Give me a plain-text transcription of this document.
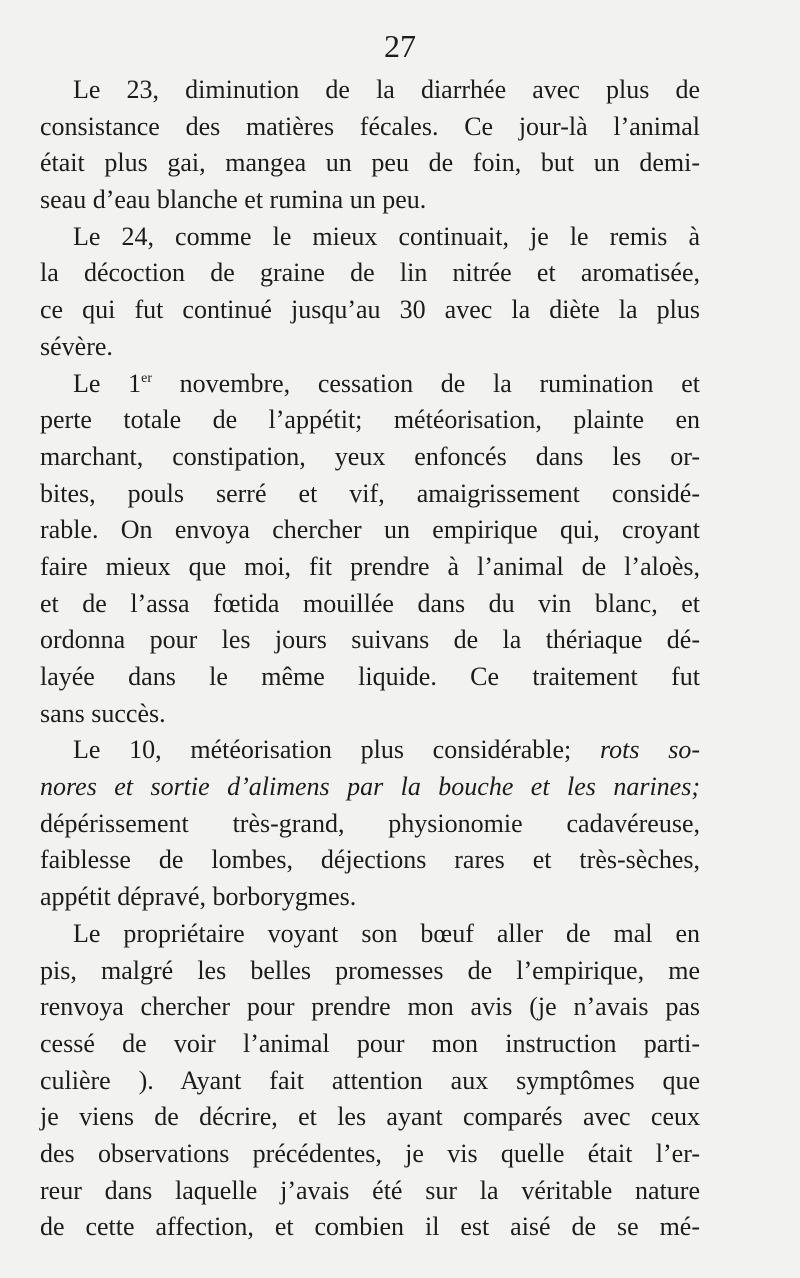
27
Le 23, diminution de la diarrhée avec plus de
consistance des matières fécales. Ce jour-là l’animal
était plus gai, mangea un peu de foin, but un demi-
seau d’eau blanche et rumina un peu.
Le 24, comme le mieux continuait, je le remis à
la décoction de graine de lin nitrée et aromatisée,
ce qui fut continué jusqu’au 30 avec la diète la plus
sévère.
Le 1er novembre, cessation de la rumination et
perte totale de l’appétit; météorisation, plainte en
marchant, constipation, yeux enfoncés dans les or-
bites, pouls serré et vif, amaigrissement considé-
rable. On envoya chercher un empirique qui, croyant
faire mieux que moi, fit prendre à l’animal de l’aloès,
et de l’assa fœtida mouillée dans du vin blanc, et
ordonna pour les jours suivans de la thériaque dé-
layée dans le même liquide. Ce traitement fut
sans succès.
Le 10, météorisation plus considérable; rots so-
nores et sortie d’alimens par la bouche et les narines;
dépérissement très-grand, physionomie cadavéreuse,
faiblesse de lombes, déjections rares et très-sèches,
appétit dépravé, borborygmes.
Le propriétaire voyant son bœuf aller de mal en
pis, malgré les belles promesses de l’empirique, me
renvoya chercher pour prendre mon avis (je n’avais pas
cessé de voir l’animal pour mon instruction parti-
culière ). Ayant fait attention aux symptômes que
je viens de décrire, et les ayant comparés avec ceux
des observations précédentes, je vis quelle était l’er-
reur dans laquelle j’avais été sur la véritable nature
de cette affection, et combien il est aisé de se mé-
